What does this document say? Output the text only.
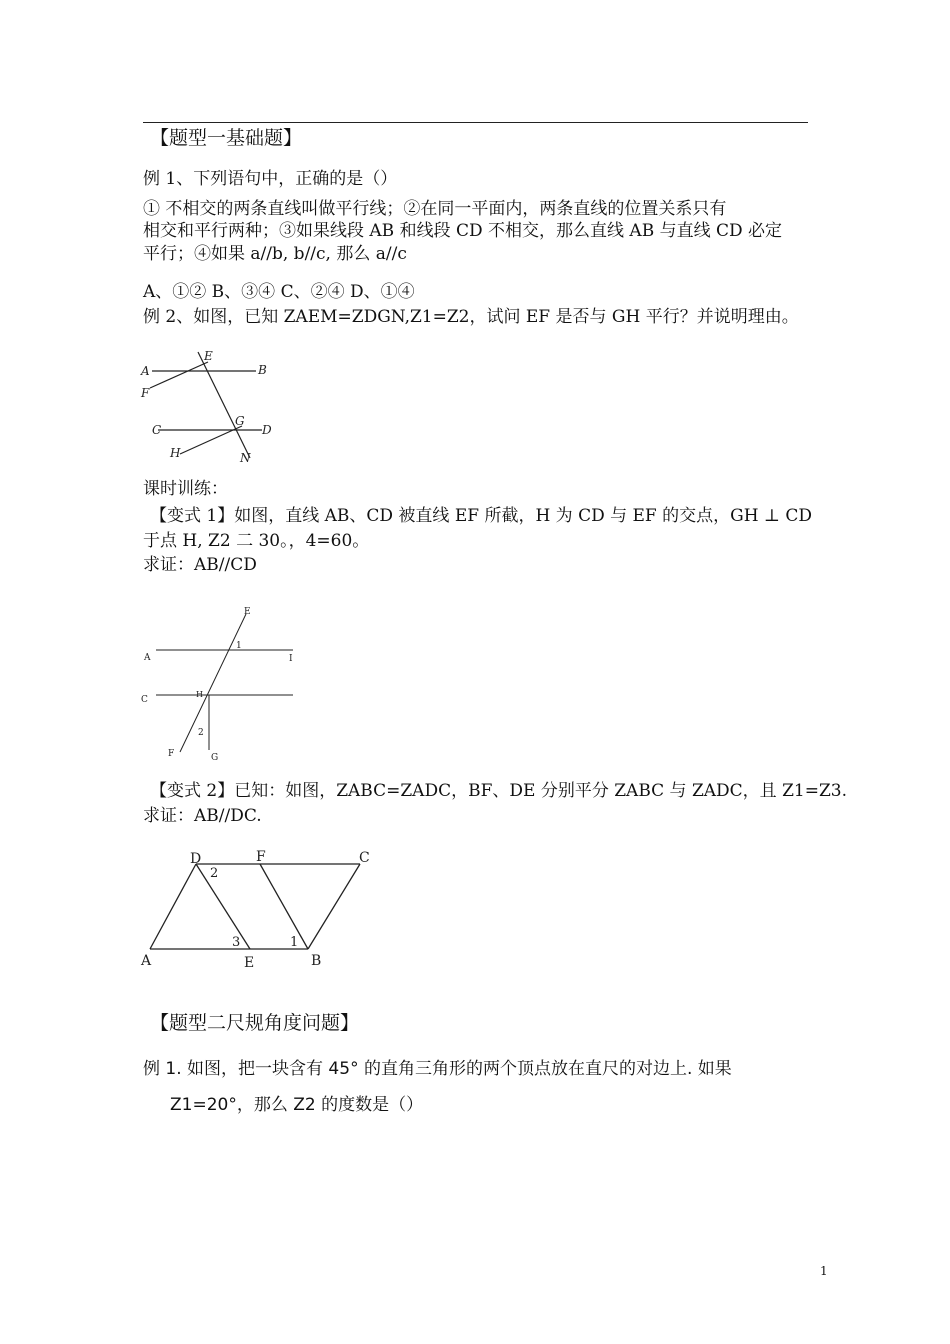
【题型一基础题】
例 1、下列语句中，正确的是（）
① 不相交的两条直线叫做平行线；②在同一平面内，两条直线的位置关系只有
相交和平行两种；③如果线段 AB 和线段 CD 不相交，那么直线 AB 与直线 CD 必定
平行；④如果 a//b, b//c, 那么 a//c
A、①② B、③④ C、②④ D、①④
例 2、如图，已知 ZAEM=ZDGN,Z1=Z2，试问 EF 是否与 GH 平行？并说明理由。
A
E
B
F
C
G
D
H	N
课时训练：
【变式 1】如图，直线 AB、CD 被直线 EF 所截，H 为 CD 与 EF 的交点，GH ⊥ CD
于点 H, Z2 二 30。，4=60。
求证：AB//CD
E
A
1
I
C
H
2
F	G
【变式 2】已知：如图，ZABC=ZADC，BF、DE 分别平分 ZABC 与 ZADC，且 Z1=Z3.
求证：AB//DC.
D	F	C
2
3	1
A	E	B
【题型二尺规角度问题】
例 1. 如图，把一块含有 45° 的直角三角形的两个顶点放在直尺的对边上. 如果
Z1=20°，那么 Z2 的度数是（）
1
